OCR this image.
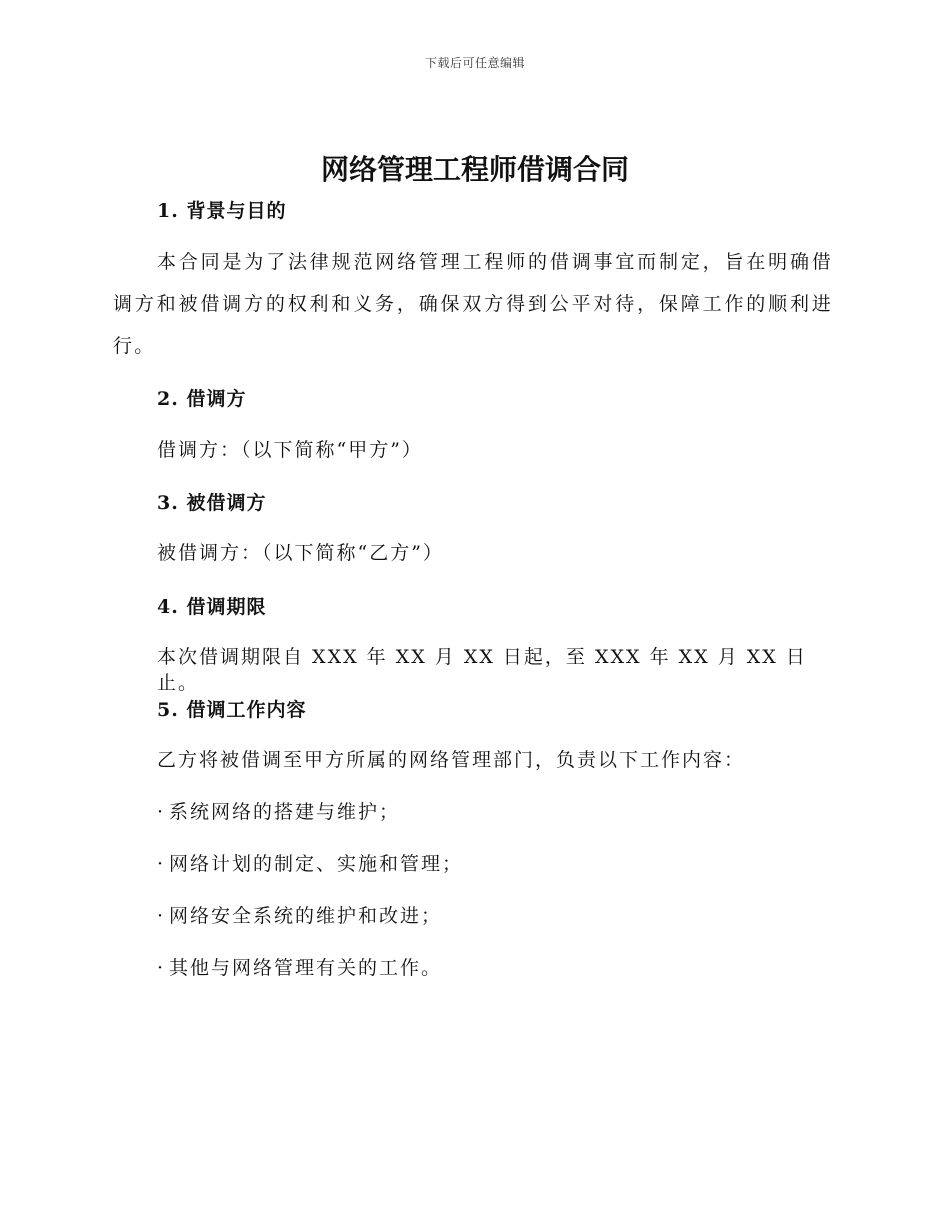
下载后可任意编辑
网络管理工程师借调合同
1. 背景与目的

本合同是为了法律规范网络管理工程师的借调事宜而制定，旨在明确借调方和被借调方的权利和义务，确保双方得到公平对待，保障工作的顺利进行。

2. 借调方
借调方：（以下简称“甲方”）
3. 被借调方
被借调方：（以下简称“乙方”）
4. 借调期限
本次借调期限自 XXX 年 XX 月 XX 日起，至 XXX 年 XX 月 XX 日止。
5. 借调工作内容
乙方将被借调至甲方所属的网络管理部门，负责以下工作内容：
· 系统网络的搭建与维护；
· 网络计划的制定、实施和管理；
· 网络安全系统的维护和改进；
· 其他与网络管理有关的工作。
